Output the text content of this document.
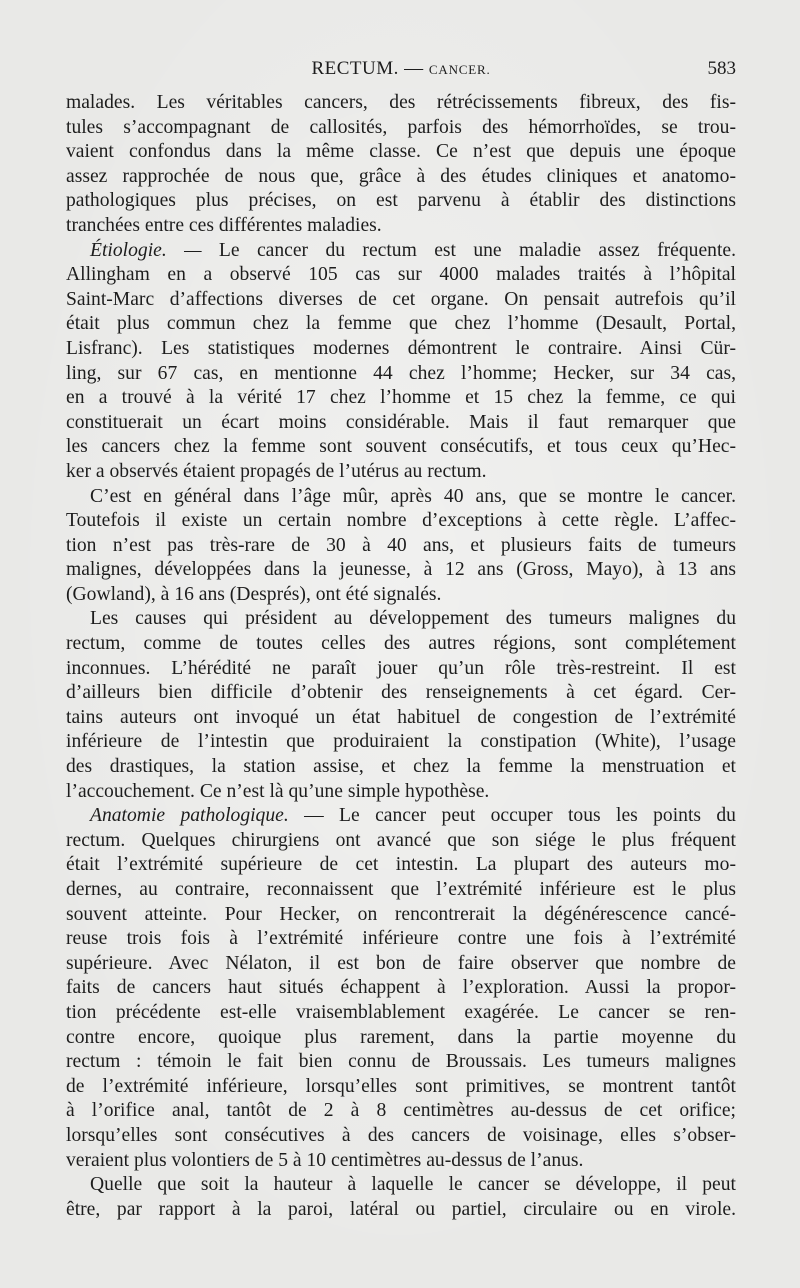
RECTUM. — CANCER.	583
malades. Les véritables cancers, des rétrécissements fibreux, des fis-
tules s’accompagnant de callosités, parfois des hémorrhoïdes, se trou-
vaient confondus dans la même classe. Ce n’est que depuis une époque
assez rapprochée de nous que, grâce à des études cliniques et anatomo-
pathologiques plus précises, on est parvenu à établir des distinctions
tranchées entre ces différentes maladies.
Étiologie. — Le cancer du rectum est une maladie assez fréquente.
Allingham en a observé 105 cas sur 4000 malades traités à l’hôpital
Saint-Marc d’affections diverses de cet organe. On pensait autrefois qu’il
était plus commun chez la femme que chez l’homme (Desault, Portal,
Lisfranc). Les statistiques modernes démontrent le contraire. Ainsi Cür-
ling, sur 67 cas, en mentionne 44 chez l’homme; Hecker, sur 34 cas,
en a trouvé à la vérité 17 chez l’homme et 15 chez la femme, ce qui
constituerait un écart moins considérable. Mais il faut remarquer que
les cancers chez la femme sont souvent consécutifs, et tous ceux qu’Hec-
ker a observés étaient propagés de l’utérus au rectum.
C’est en général dans l’âge mûr, après 40 ans, que se montre le cancer.
Toutefois il existe un certain nombre d’exceptions à cette règle. L’affec-
tion n’est pas très-rare de 30 à 40 ans, et plusieurs faits de tumeurs
malignes, développées dans la jeunesse, à 12 ans (Gross, Mayo), à 13 ans
(Gowland), à 16 ans (Després), ont été signalés.
Les causes qui président au développement des tumeurs malignes du
rectum, comme de toutes celles des autres régions, sont complétement
inconnues. L’hérédité ne paraît jouer qu’un rôle très-restreint. Il est
d’ailleurs bien difficile d’obtenir des renseignements à cet égard. Cer-
tains auteurs ont invoqué un état habituel de congestion de l’extrémité
inférieure de l’intestin que produiraient la constipation (White), l’usage
des drastiques, la station assise, et chez la femme la menstruation et
l’accouchement. Ce n’est là qu’une simple hypothèse.
Anatomie pathologique. — Le cancer peut occuper tous les points du
rectum. Quelques chirurgiens ont avancé que son siége le plus fréquent
était l’extrémité supérieure de cet intestin. La plupart des auteurs mo-
dernes, au contraire, reconnaissent que l’extrémité inférieure est le plus
souvent atteinte. Pour Hecker, on rencontrerait la dégénérescence cancé-
reuse trois fois à l’extrémité inférieure contre une fois à l’extrémité
supérieure. Avec Nélaton, il est bon de faire observer que nombre de
faits de cancers haut situés échappent à l’exploration. Aussi la propor-
tion précédente est-elle vraisemblablement exagérée. Le cancer se ren-
contre encore, quoique plus rarement, dans la partie moyenne du
rectum : témoin le fait bien connu de Broussais. Les tumeurs malignes
de l’extrémité inférieure, lorsqu’elles sont primitives, se montrent tantôt
à l’orifice anal, tantôt de 2 à 8 centimètres au-dessus de cet orifice;
lorsqu’elles sont consécutives à des cancers de voisinage, elles s’obser-
veraient plus volontiers de 5 à 10 centimètres au-dessus de l’anus.
Quelle que soit la hauteur à laquelle le cancer se développe, il peut
être, par rapport à la paroi, latéral ou partiel, circulaire ou en virole.
